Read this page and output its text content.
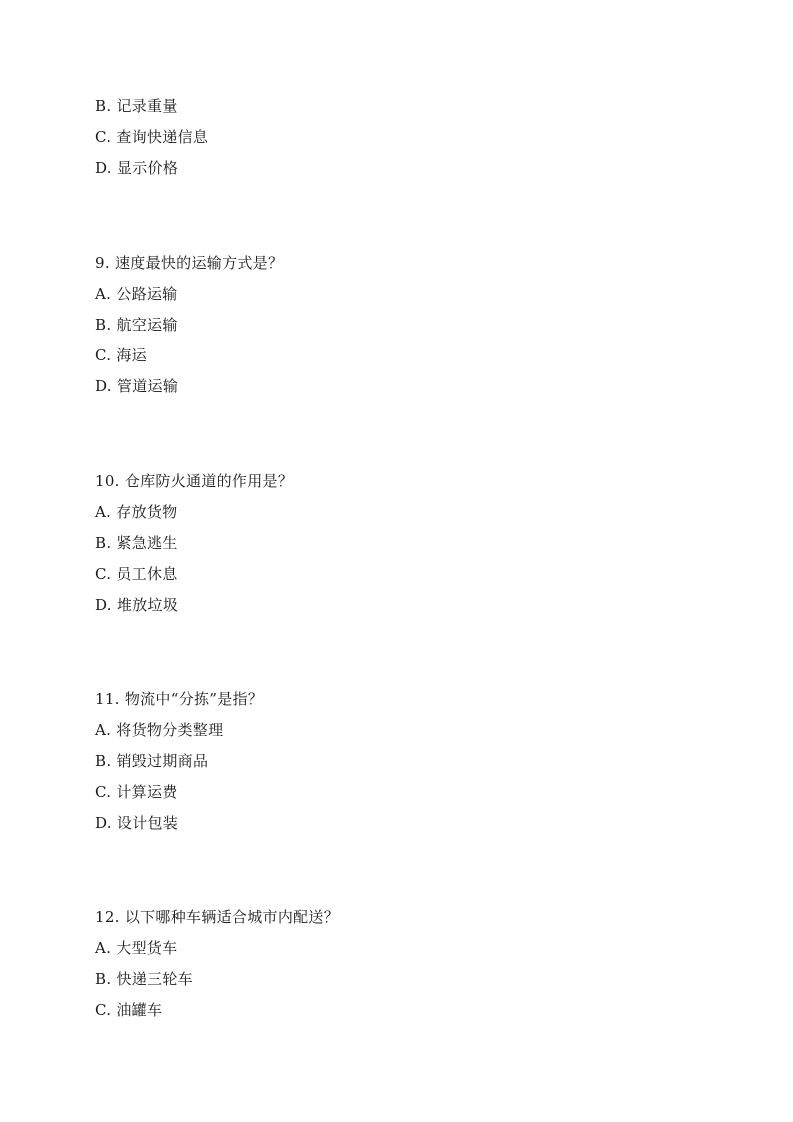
B. 记录重量
C. 查询快递信息
D. 显示价格
9. 速度最快的运输方式是？
A. 公路运输
B. 航空运输
C. 海运
D. 管道运输
10. 仓库防火通道的作用是？
A. 存放货物
B. 紧急逃生
C. 员工休息
D. 堆放垃圾
11. 物流中“分拣”是指？
A. 将货物分类整理
B. 销毁过期商品
C. 计算运费
D. 设计包装
12. 以下哪种车辆适合城市内配送？
A. 大型货车
B. 快递三轮车
C. 油罐车
